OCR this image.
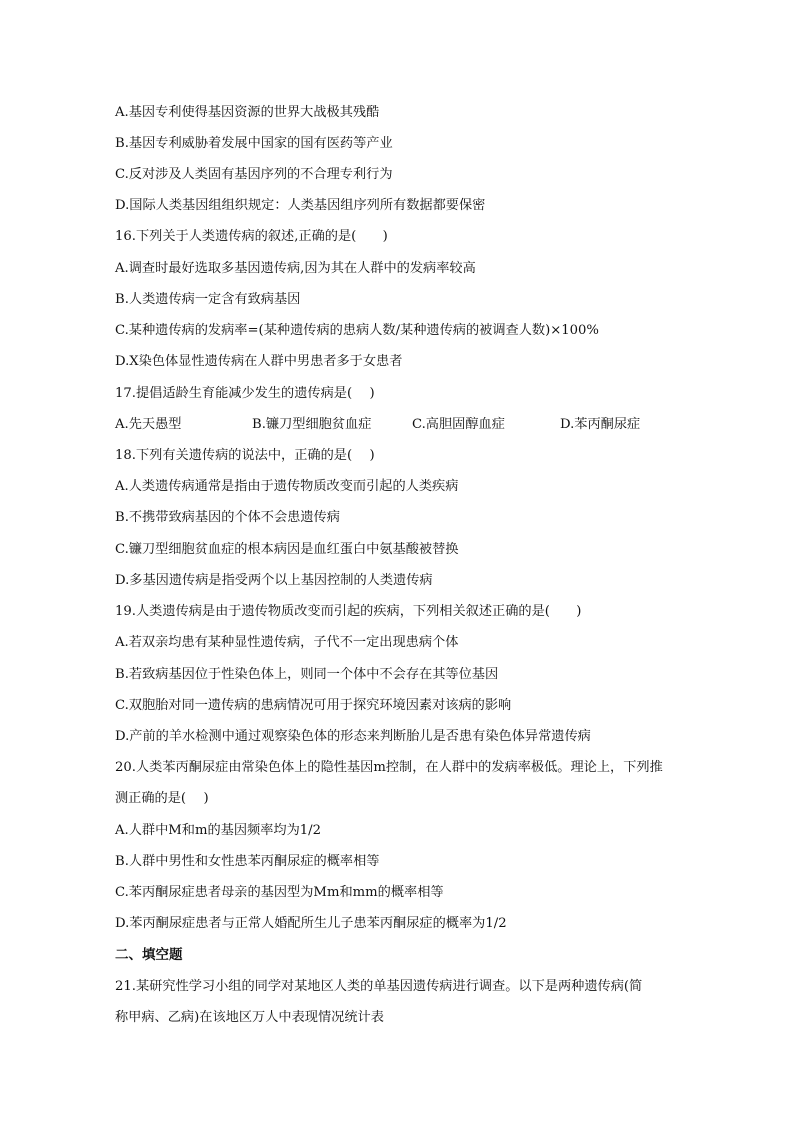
A.基因专利使得基因资源的世界大战极其残酷
B.基因专利威胁着发展中国家的国有医药等产业
C.反对涉及人类固有基因序列的不合理专利行为
D.国际人类基因组组织规定：人类基因组序列所有数据都要保密
16.下列关于人类遗传病的叙述,正确的是(　　)
A.调查时最好选取多基因遗传病,因为其在人群中的发病率较高
B.人类遗传病一定含有致病基因
C.某种遗传病的发病率=(某种遗传病的患病人数/某种遗传病的被调查人数)×100%
D.X染色体显性遗传病在人群中男患者多于女患者
17.提倡适龄生育能减少发生的遗传病是(　 )
A.先天愚型	B.镰刀型细胞贫血症	C.高胆固醇血症	D.苯丙酮尿症
18.下列有关遗传病的说法中，正确的是(　 )
A.人类遗传病通常是指由于遗传物质改变而引起的人类疾病
B.不携带致病基因的个体不会患遗传病
C.镰刀型细胞贫血症的根本病因是血红蛋白中氨基酸被替换
D.多基因遗传病是指受两个以上基因控制的人类遗传病
19.人类遗传病是由于遗传物质改变而引起的疾病，下列相关叙述正确的是(　　)
A.若双亲均患有某种显性遗传病，子代不一定出现患病个体
B.若致病基因位于性染色体上，则同一个体中不会存在其等位基因
C.双胞胎对同一遗传病的患病情况可用于探究环境因素对该病的影响
D.产前的羊水检测中通过观察染色体的形态来判断胎儿是否患有染色体异常遗传病
20.人类苯丙酮尿症由常染色体上的隐性基因m控制，在人群中的发病率极低。理论上，下列推
测正确的是(　 )
A.人群中M和m的基因频率均为1/2
B.人群中男性和女性患苯丙酮尿症的概率相等
C.苯丙酮尿症患者母亲的基因型为Mm和mm的概率相等
D.苯丙酮尿症患者与正常人婚配所生儿子患苯丙酮尿症的概率为1/2
二、填空题
21.某研究性学习小组的同学对某地区人类的单基因遗传病进行调查。以下是两种遗传病(简
称甲病、乙病)在该地区万人中表现情况统计表
